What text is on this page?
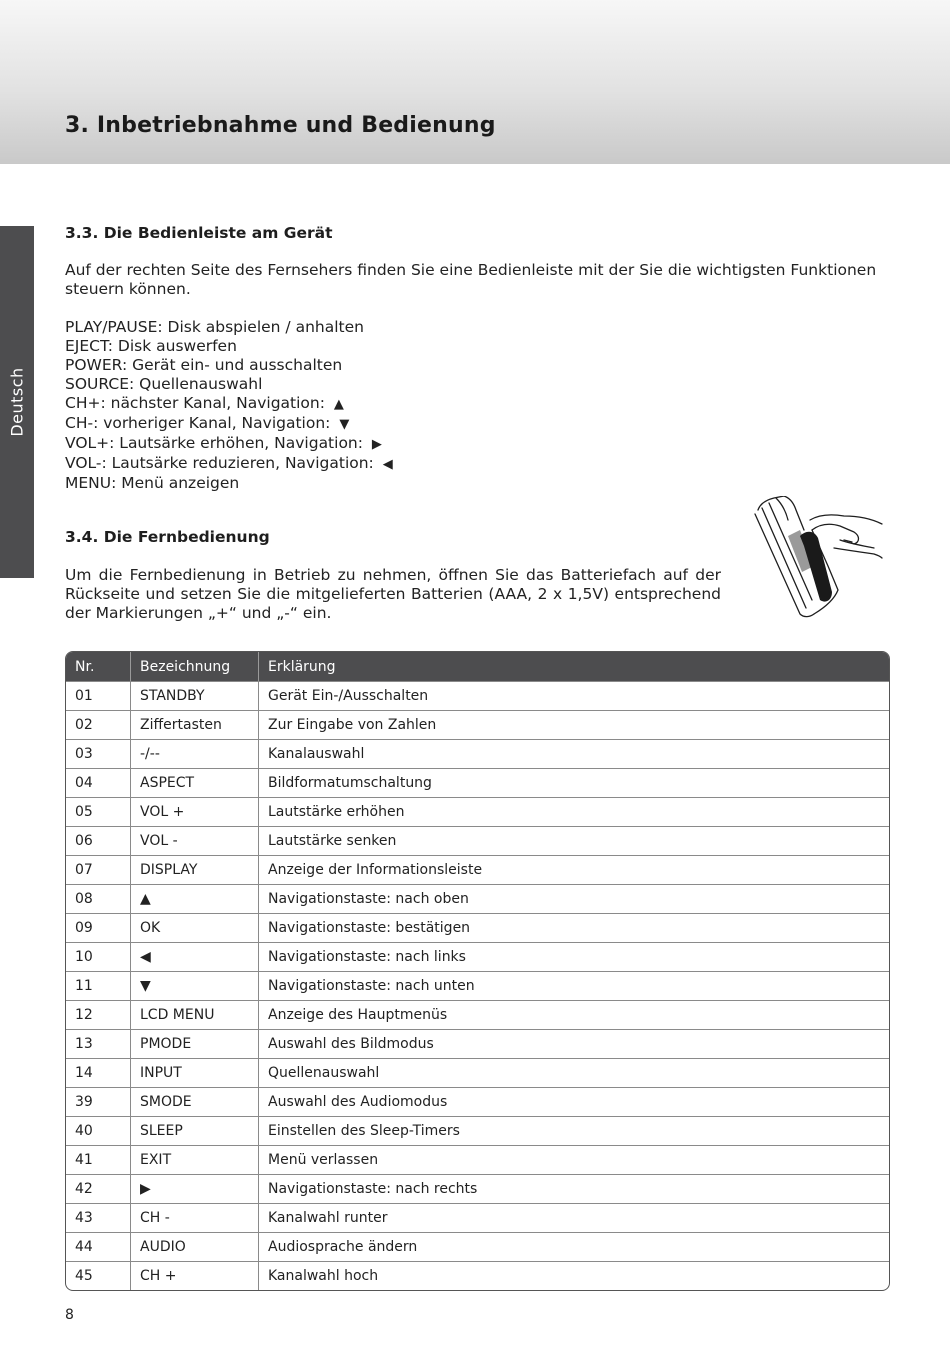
3. Inbetriebnahme und Bedienung
Deutsch
3.3. Die Bedienleiste am Gerät

Auf der rechten Seite des Fernsehers finden Sie eine Bedienleiste mit der Sie die wichtigsten Funktionen steuern können.

PLAY/PAUSE: Disk abspielen / anhalten
EJECT: Disk auswerfen
POWER: Gerät ein- und ausschalten
SOURCE: Quellenauswahl
CH+: nächster Kanal, Navigation: ▲
CH-: vorheriger Kanal, Navigation: ▼
VOL+: Lautsärke erhöhen, Navigation: ▶
VOL-: Lautsärke reduzieren, Navigation: ◀
MENU: Menü anzeigen
3.4. Die Fernbedienung

Um die Fernbedienung in Betrieb zu nehmen, öffnen Sie das Batteriefach auf der Rückseite und setzen Sie die mitgelieferten Batterien (AAA, 2 x 1,5V) entsprechend der Markierungen „+“ und „-“ ein.

Nr.	Bezeichnung	Erklärung
01	STANDBY	Gerät Ein-/Ausschalten
02	Ziffertasten	Zur Eingabe von Zahlen
03	-/--	Kanalauswahl
04	ASPECT	Bildformatumschaltung
05	VOL +	Lautstärke erhöhen
06	VOL -	Lautstärke senken
07	DISPLAY	Anzeige der Informationsleiste
08	▲	Navigationstaste: nach oben
09	OK	Navigationstaste: bestätigen
10	◀	Navigationstaste: nach links
11	▼	Navigationstaste: nach unten
12	LCD MENU	Anzeige des Hauptmenüs
13	PMODE	Auswahl des Bildmodus
14	INPUT	Quellenauswahl
39	SMODE	Auswahl des Audiomodus
40	SLEEP	Einstellen des Sleep-Timers
41	EXIT	Menü verlassen
42	▶	Navigationstaste: nach rechts
43	CH -	Kanalwahl runter
44	AUDIO	Audiosprache ändern
45	CH +	Kanalwahl hoch
8
